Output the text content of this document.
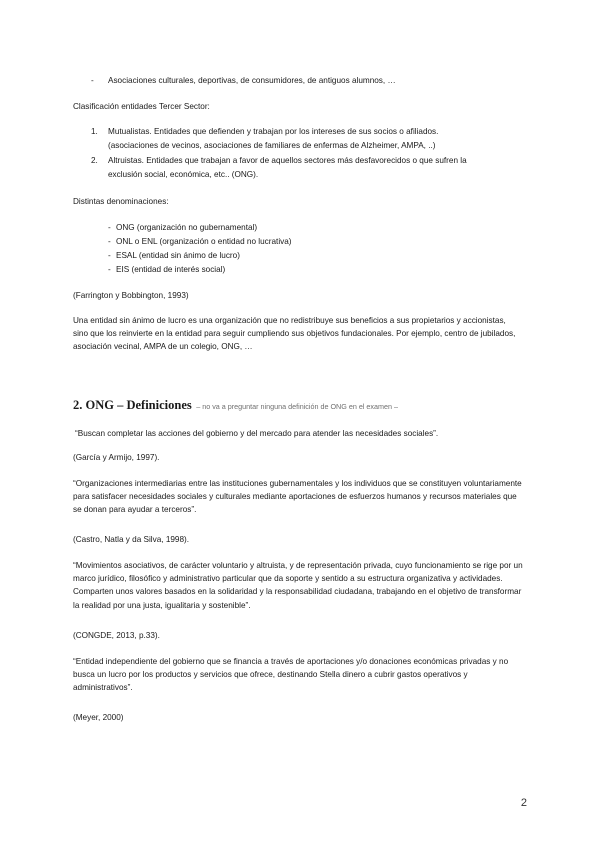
- Asociaciones culturales, deportivas, de consumidores, de antiguos alumnos, …
Clasificación entidades Tercer Sector:
1. Mutualistas. Entidades que defienden y trabajan por los intereses de sus socios o afiliados.
(asociaciones de vecinos, asociaciones de familiares de enfermas de Alzheimer, AMPA, ..)
2. Altruistas. Entidades que trabajan a favor de aquellos sectores más desfavorecidos o que sufren la
exclusión social, económica, etc.. (ONG).
Distintas denominaciones:
- ONG (organización no gubernamental)
- ONL o ENL (organización o entidad no lucrativa)
- ESAL (entidad sin ánimo de lucro)
- EIS (entidad de interés social)
(Farrington y Bobbington, 1993)
Una entidad sin ánimo de lucro es una organización que no redistribuye sus beneficios a sus propietarios y accionistas, sino que los reinvierte en la entidad para seguir cumpliendo sus objetivos fundacionales. Por ejemplo, centro de jubilados, asociación vecinal, AMPA de un colegio, ONG, …
2. ONG – Definiciones – no va a preguntar ninguna definición de ONG en el examen –
“Buscan completar las acciones del gobierno y del mercado para atender las necesidades sociales”.
(García y Armijo, 1997).
“Organizaciones intermediarias entre las instituciones gubernamentales y los individuos que se constituyen voluntariamente para satisfacer necesidades sociales y culturales mediante aportaciones de esfuerzos humanos y recursos materiales que se donan para ayudar a terceros”.
(Castro, Natla y da Silva, 1998).
“Movimientos asociativos, de carácter voluntario y altruista, y de representación privada, cuyo funcionamiento se rige por un marco jurídico, filosófico y administrativo particular que da soporte y sentido a su estructura organizativa y actividades. Comparten unos valores basados en la solidaridad y la responsabilidad ciudadana, trabajando en el objetivo de transformar la realidad por una justa, igualitaria y sostenible”.
(CONGDE, 2013, p.33).
“Entidad independiente del gobierno que se financia a través de aportaciones y/o donaciones económicas privadas y no busca un lucro por los productos y servicios que ofrece, destinando Stella dinero a cubrir gastos operativos y administrativos”.
(Meyer, 2000)
2
